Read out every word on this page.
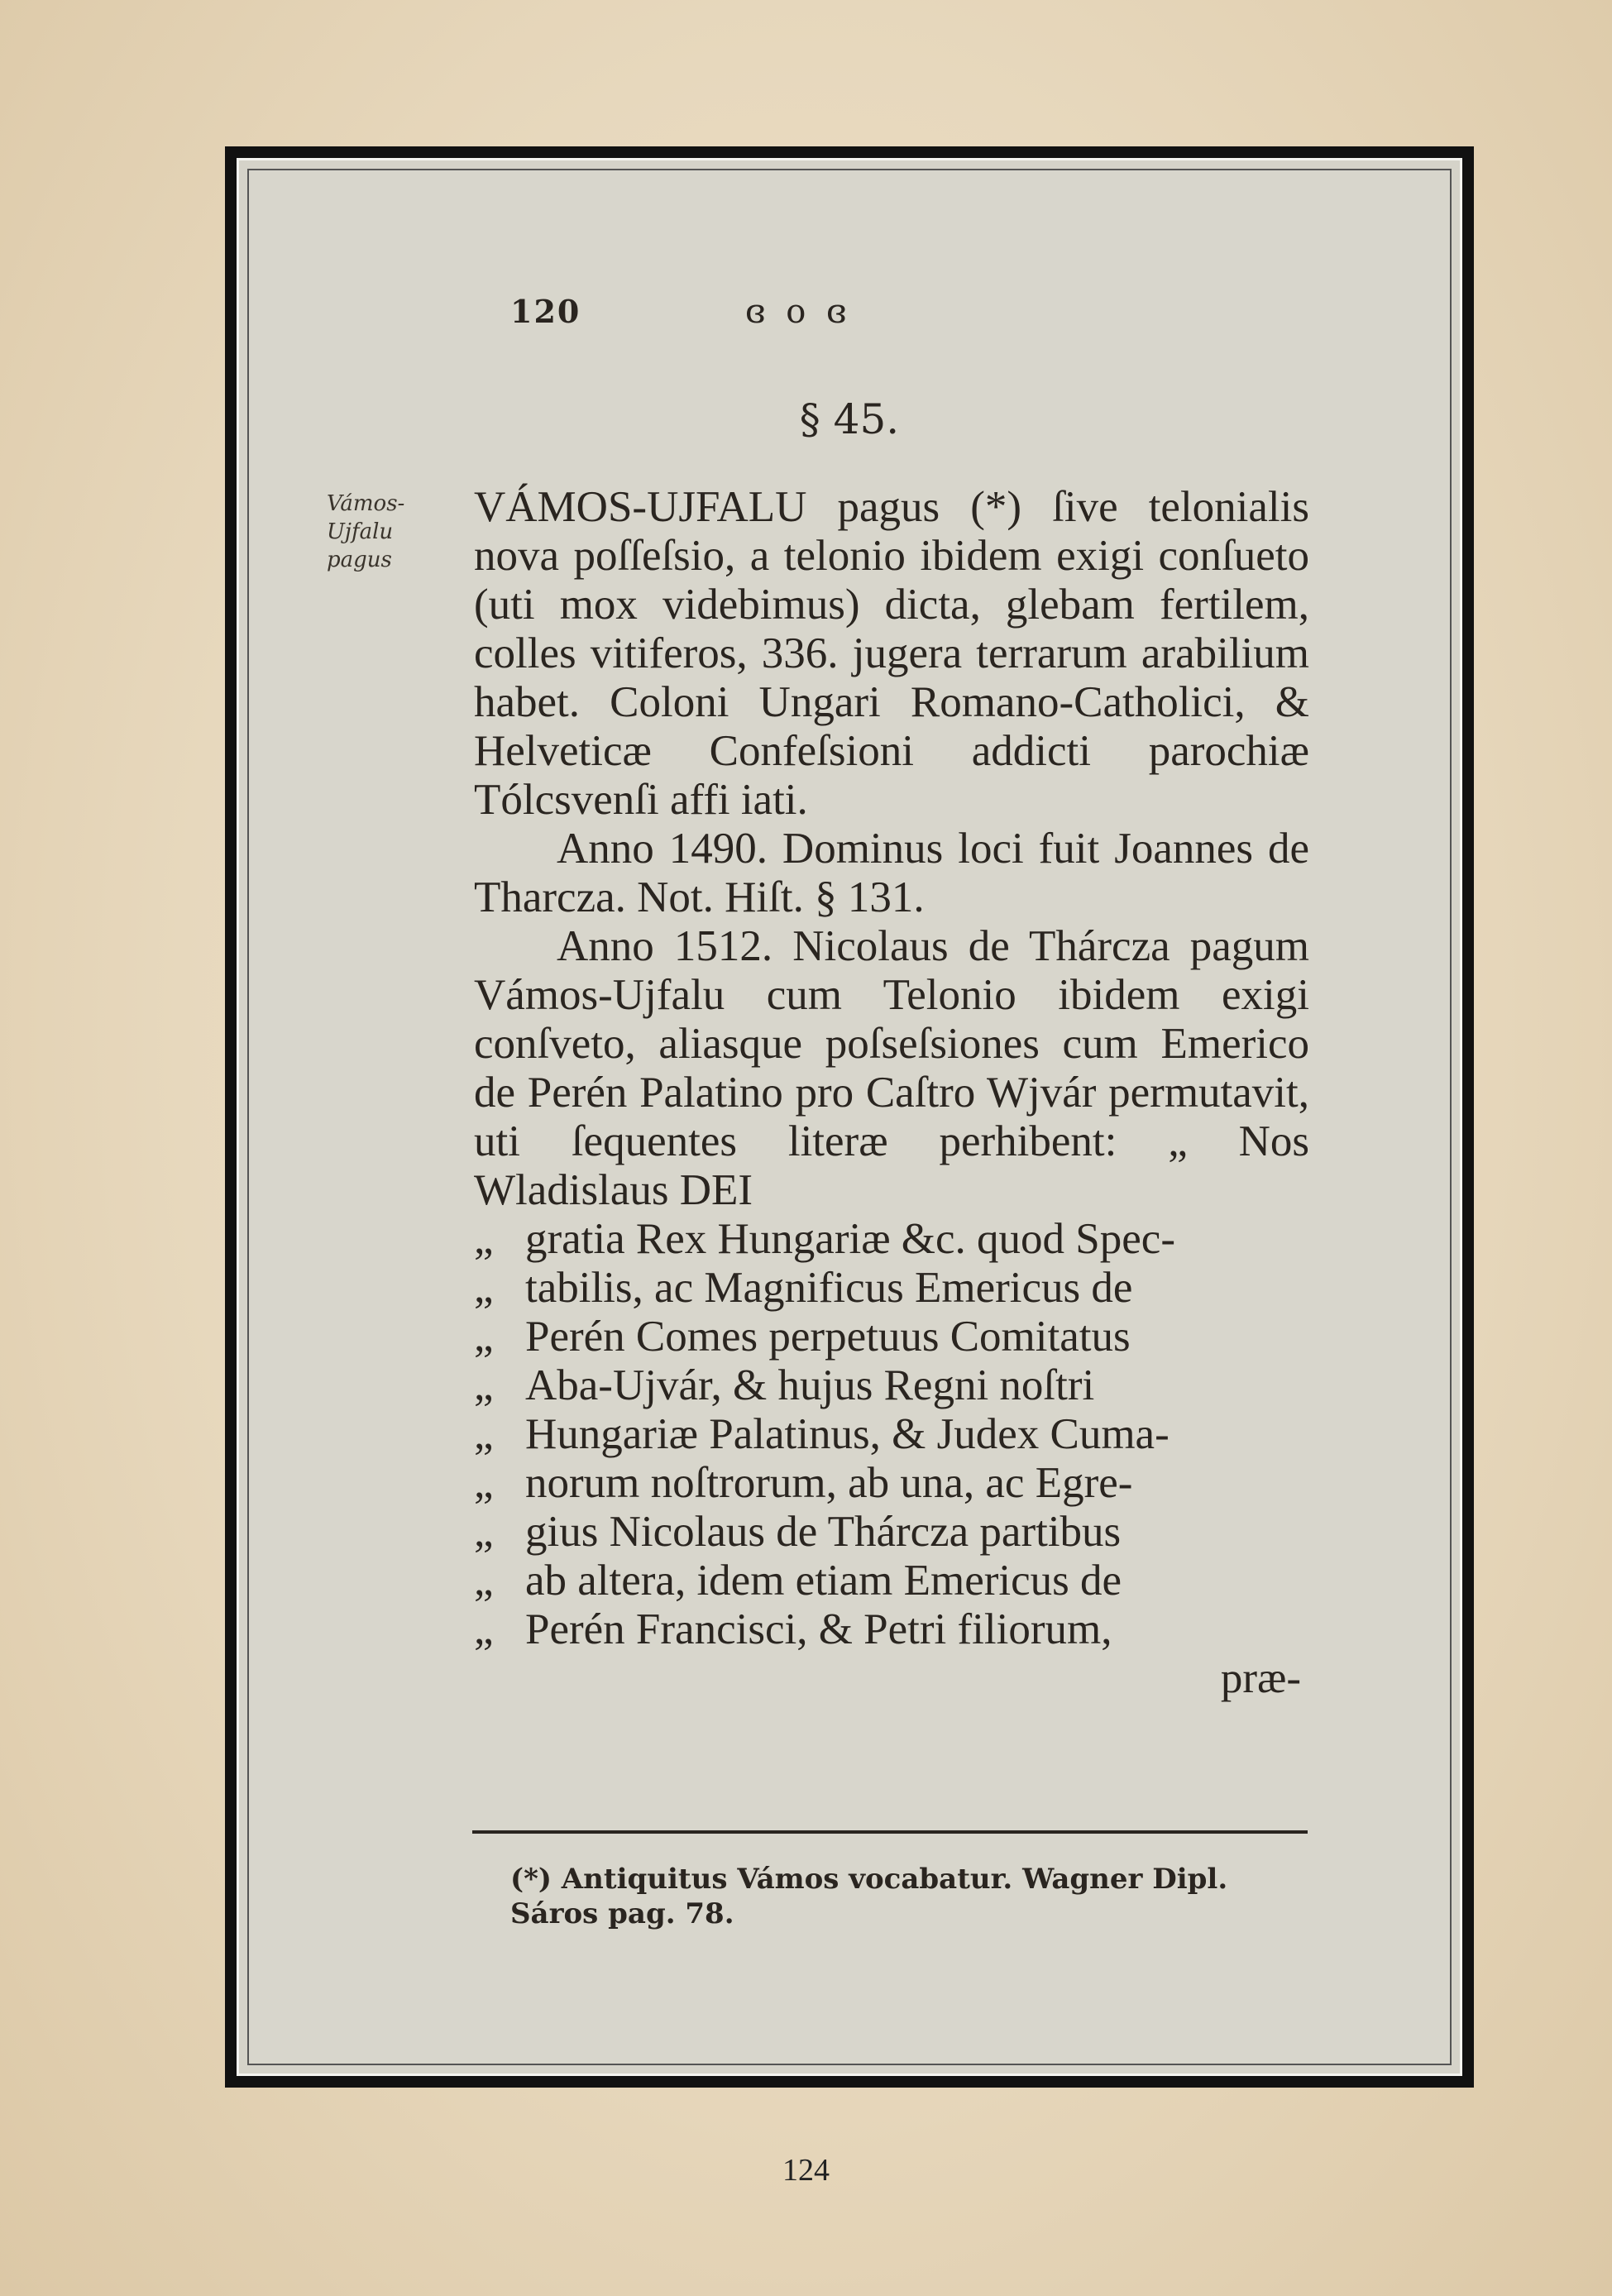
120	ɞ o ɞ
§ 45.
Vámos-Ujfalu pagus

VÁMOS-UJFALU pagus (*) ſive telonialis nova poſſeſsio, a telonio ibidem exigi conſueto (uti mox videbimus) dicta, glebam fertilem, colles vitiferos, 336. jugera terrarum arabilium habet. Coloni Ungari Romano-Catholici, & Helveticæ Confeſsioni addicti parochiæ Tólcsvenſi affi iati.

Anno 1490. Dominus loci fuit Joannes de Tharcza. Not. Hiſt. § 131.

Anno 1512. Nicolaus de Thárcza pagum Vámos-Ujfalu cum Telonio ibidem exigi conſveto, aliasque poſseſsiones cum Emerico de Perén Palatino pro Caſtro Wjvár permutavit, uti ſequentes literæ perhibent: „ Nos Wladislaus DEI

„ gratia Rex Hungariæ &c. quod Spec-
„ tabilis, ac Magnificus Emericus de
„ Perén Comes perpetuus Comitatus
„ Aba-Ujvár, & hujus Regni noſtri
„ Hungariæ Palatinus, & Judex Cuma-
„ norum noſtrorum, ab una, ac Egre-
„ gius Nicolaus de Thárcza partibus
„ ab altera, idem etiam Emericus de
„ Perén Francisci, & Petri filiorum,

præ-

(*) Antiquitus Vámos vocabatur. Wagner Dipl. Sáros pag. 78.
124
